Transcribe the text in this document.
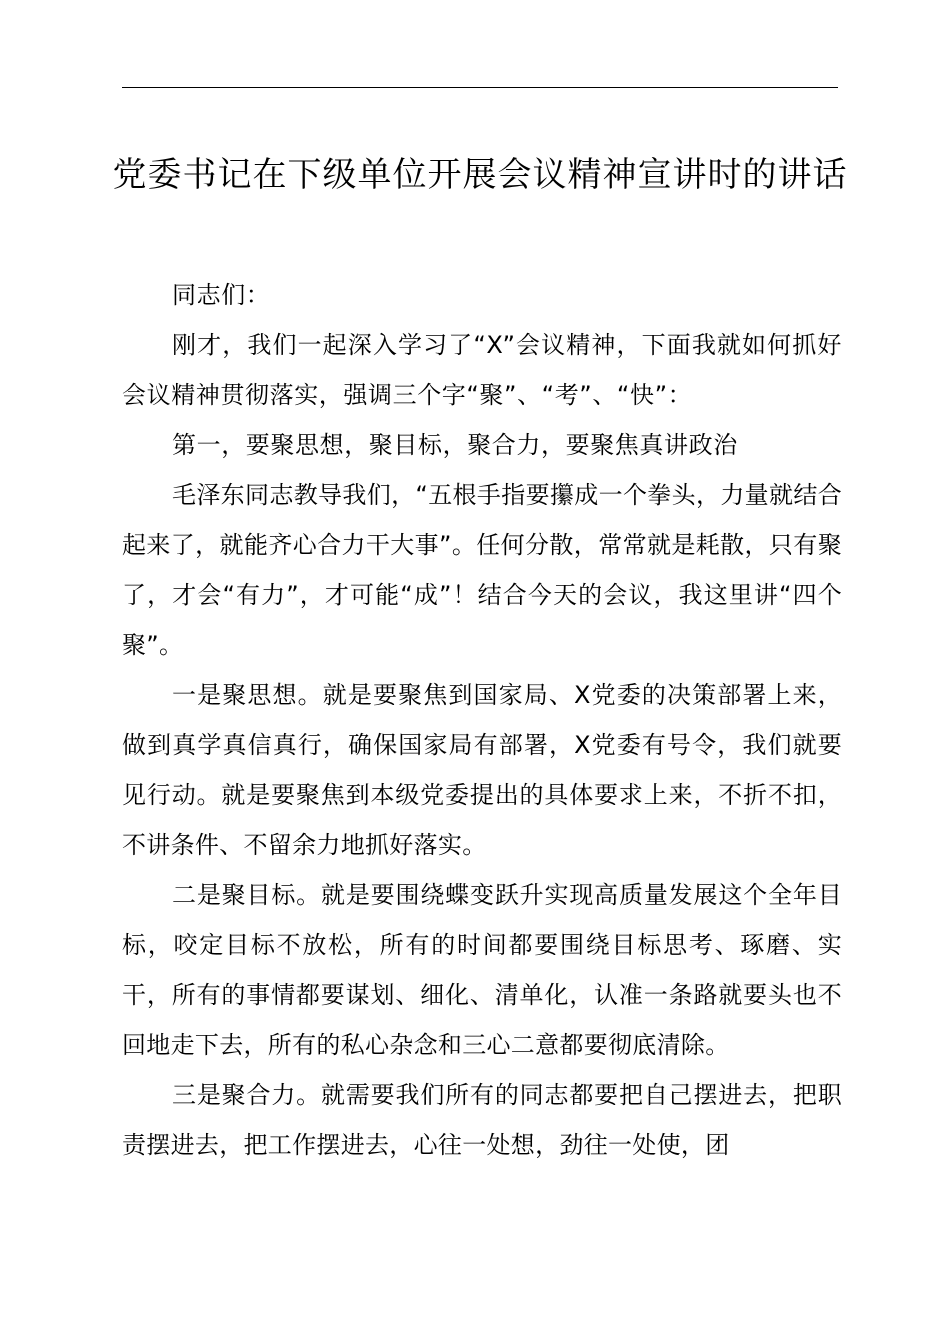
党委书记在下级单位开展会议精神宣讲时的讲话

同志们：

刚才，我们一起深入学习了“X”会议精神，下面我就如何抓好会议精神贯彻落实，强调三个字“聚”、“考”、“快”：

第一，要聚思想，聚目标，聚合力，要聚焦真讲政治

毛泽东同志教导我们，“五根手指要攥成一个拳头，力量就结合起来了，就能齐心合力干大事”。任何分散，常常就是耗散，只有聚了，才会“有力”，才可能“成”！结合今天的会议，我这里讲“四个聚”。

一是聚思想。就是要聚焦到国家局、X党委的决策部署上来，做到真学真信真行，确保国家局有部署，X党委有号令，我们就要见行动。就是要聚焦到本级党委提出的具体要求上来，不折不扣，不讲条件、不留余力地抓好落实。

二是聚目标。就是要围绕蝶变跃升实现高质量发展这个全年目标，咬定目标不放松，所有的时间都要围绕目标思考、琢磨、实干，所有的事情都要谋划、细化、清单化，认准一条路就要头也不回地走下去，所有的私心杂念和三心二意都要彻底清除。

三是聚合力。就需要我们所有的同志都要把自己摆进去，把职责摆进去，把工作摆进去，心往一处想，劲往一处使，团
